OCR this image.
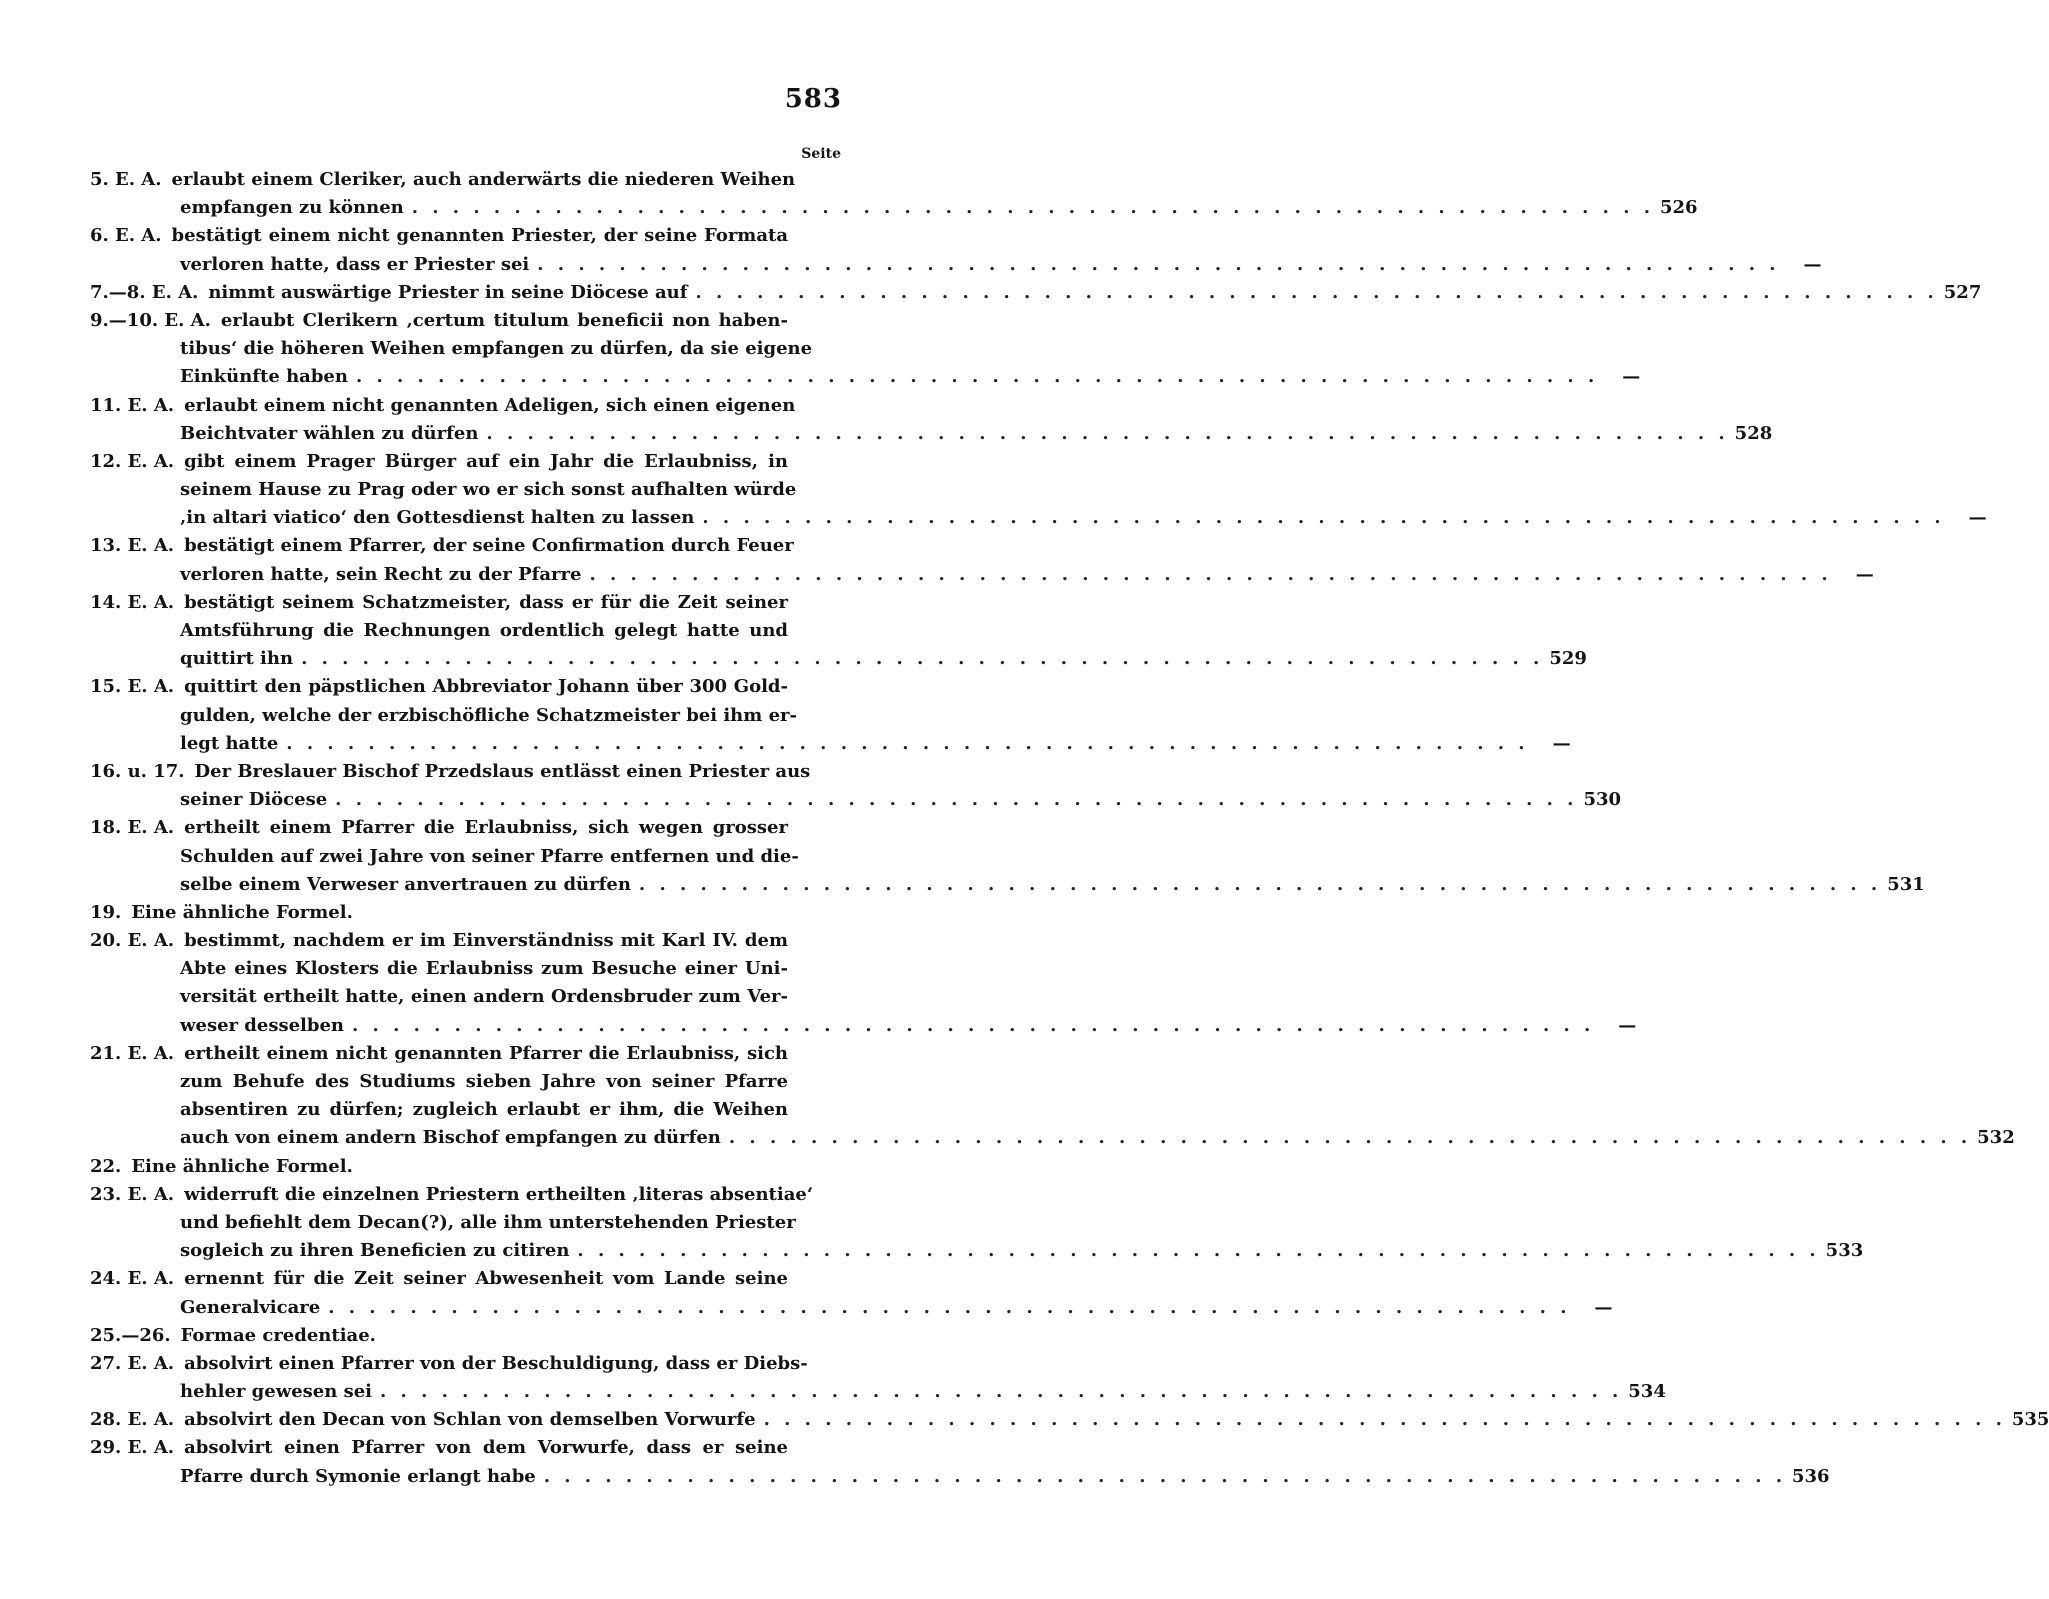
583
Seite
5. E. A. erlaubt einem Cleriker, auch anderwärts die niederen Weihen
empfangen zu können . . .	526
6. E. A. bestätigt einem nicht genannten Priester, der seine Formata
verloren hatte, dass er Priester sei . . .	—
7.—8. E. A. nimmt auswärtige Priester in seine Diöcese auf . . .	527
9.—10. E. A. erlaubt Clerikern ‚certum titulum beneficii non haben-
tibus‘ die höheren Weihen empfangen zu dürfen, da sie eigene
Einkünfte haben . . .	—
11. E. A. erlaubt einem nicht genannten Adeligen, sich einen eigenen
Beichtvater wählen zu dürfen . . .	528
12. E. A. gibt einem Prager Bürger auf ein Jahr die Erlaubniss, in
seinem Hause zu Prag oder wo er sich sonst aufhalten würde
‚in altari viatico‘ den Gottesdienst halten zu lassen . . .	—
13. E. A. bestätigt einem Pfarrer, der seine Confirmation durch Feuer
verloren hatte, sein Recht zu der Pfarre . . .	—
14. E. A. bestätigt seinem Schatzmeister, dass er für die Zeit seiner
Amtsführung die Rechnungen ordentlich gelegt hatte und
quittirt ihn . . .	529
15. E. A. quittirt den päpstlichen Abbreviator Johann über 300 Gold-
gulden, welche der erzbischöfliche Schatzmeister bei ihm er-
legt hatte . . .	—
16. u. 17. Der Breslauer Bischof Przedslaus entlässt einen Priester aus
seiner Diöcese . . .	530
18. E. A. ertheilt einem Pfarrer die Erlaubniss, sich wegen grosser
Schulden auf zwei Jahre von seiner Pfarre entfernen und die-
selbe einem Verweser anvertrauen zu dürfen . . .	531
19. Eine ähnliche Formel.
20. E. A. bestimmt, nachdem er im Einverständniss mit Karl IV. dem
Abte eines Klosters die Erlaubniss zum Besuche einer Uni-
versität ertheilt hatte, einen andern Ordensbruder zum Ver-
weser desselben . . .	—
21. E. A. ertheilt einem nicht genannten Pfarrer die Erlaubniss, sich
zum Behufe des Studiums sieben Jahre von seiner Pfarre
absentiren zu dürfen; zugleich erlaubt er ihm, die Weihen
auch von einem andern Bischof empfangen zu dürfen . . .	532
22. Eine ähnliche Formel.
23. E. A. widerruft die einzelnen Priestern ertheilten ‚literas absentiae‘
und befiehlt dem Decan(?), alle ihm unterstehenden Priester
sogleich zu ihren Beneficien zu citiren . . .	533
24. E. A. ernennt für die Zeit seiner Abwesenheit vom Lande seine
Generalvicare . . .	—
25.—26. Formae credentiae.
27. E. A. absolvirt einen Pfarrer von der Beschuldigung, dass er Diebs-
hehler gewesen sei . . .	534
28. E. A. absolvirt den Decan von Schlan von demselben Vorwurfe . . .	535
29. E. A. absolvirt einen Pfarrer von dem Vorwurfe, dass er seine
Pfarre durch Symonie erlangt habe . . .	536
